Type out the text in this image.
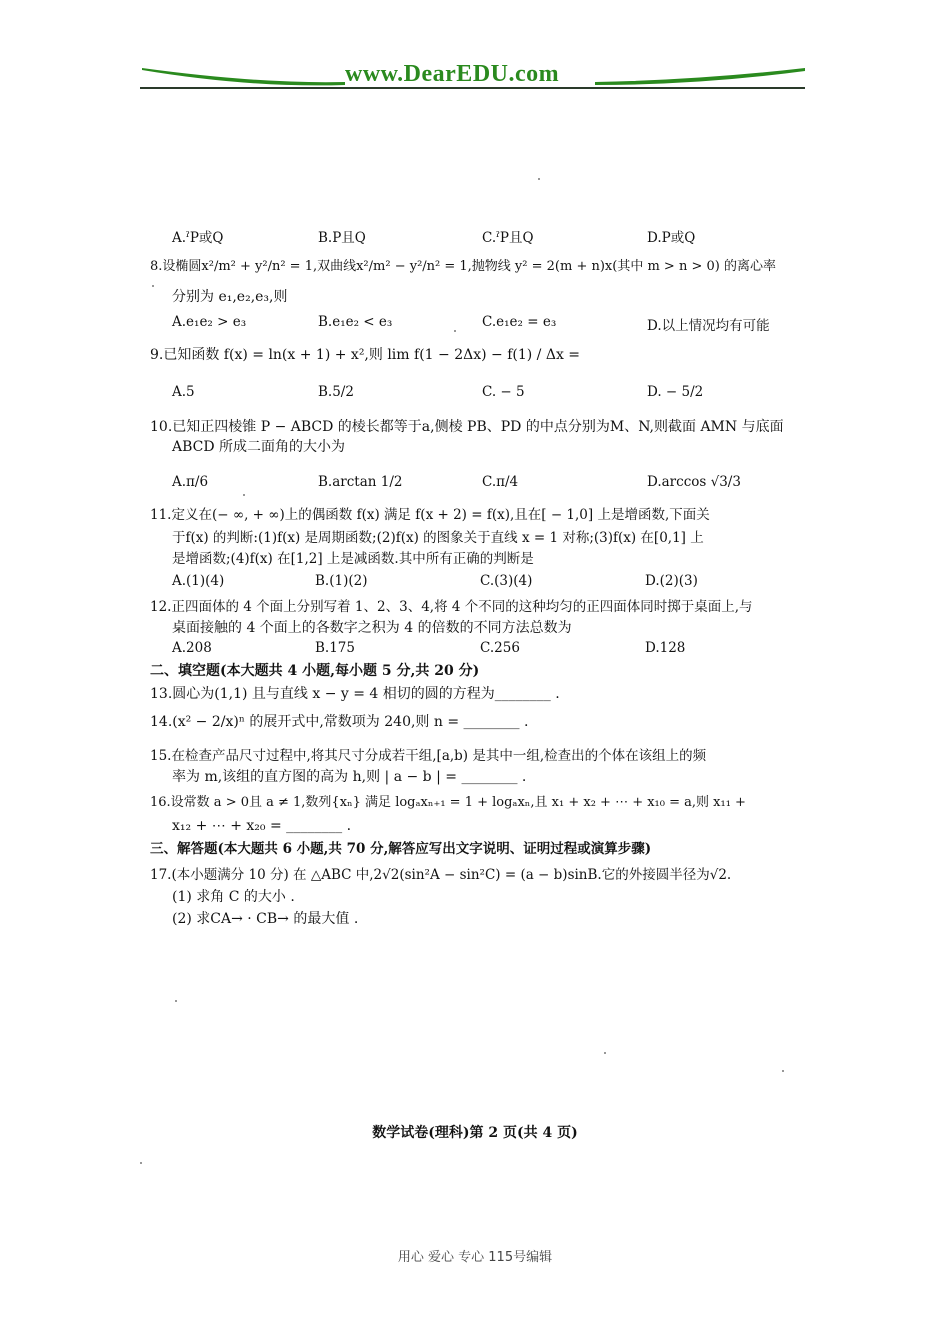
www.DearEDU.com
A.ˀP或Q	B.P且Q	C.ˀP且Q	D.P或Q
8.设椭圆x²/m² + y²/n² = 1,双曲线x²/m² − y²/n² = 1,抛物线 y² = 2(m + n)x(其中 m > n > 0) 的离心率
分别为 e₁,e₂,e₃,则
A.e₁e₂ > e₃	B.e₁e₂ < e₃	C.e₁e₂ = e₃	D.以上情况均有可能
9.已知函数 f(x) = ln(x + 1) + x²,则 lim f(1 − 2Δx) − f(1) / Δx =
A.5	B.5/2	C. − 5	D. − 5/2
10.已知正四棱锥 P − ABCD 的棱长都等于a,侧棱 PB、PD 的中点分别为M、N,则截面 AMN 与底面
ABCD 所成二面角的大小为
A.π/6	B.arctan 1/2	C.π/4	D.arccos √3/3
11.定义在(− ∞, + ∞)上的偶函数 f(x) 满足 f(x + 2) = f(x),且在[ − 1,0] 上是增函数,下面关
于f(x) 的判断:(1)f(x) 是周期函数;(2)f(x) 的图象关于直线 x = 1 对称;(3)f(x) 在[0,1] 上
是增函数;(4)f(x) 在[1,2] 上是减函数.其中所有正确的判断是
A.(1)(4)	B.(1)(2)	C.(3)(4)	D.(2)(3)
12.正四面体的 4 个面上分别写着 1、2、3、4,将 4 个不同的这种均匀的正四面体同时掷于桌面上,与
桌面接触的 4 个面上的各数字之积为 4 的倍数的不同方法总数为
A.208	B.175	C.256	D.128
二、填空题(本大题共 4 小题,每小题 5 分,共 20 分)
13.圆心为(1,1) 且与直线 x − y = 4 相切的圆的方程为________ .
14.(x² − 2/x)ⁿ 的展开式中,常数项为 240,则 n = ________ .
15.在检查产品尺寸过程中,将其尺寸分成若干组,[a,b) 是其中一组,检查出的个体在该组上的频
率为 m,该组的直方图的高为 h,则 | a − b | = ________ .
16.设常数 a > 0且 a ≠ 1,数列{xₙ} 满足 logₐxₙ₊₁ = 1 + logₐxₙ,且 x₁ + x₂ + ⋯ + x₁₀ = a,则 x₁₁ +
x₁₂ + ⋯ + x₂₀ = ________ .
三、解答题(本大题共 6 小题,共 70 分,解答应写出文字说明、证明过程或演算步骤)
17.(本小题满分 10 分) 在 △ABC 中,2√2(sin²A − sin²C) = (a − b)sinB.它的外接圆半径为√2.
(1) 求角 C 的大小 .
(2) 求CA→ · CB→ 的最大值 .
数学试卷(理科)第 2 页(共 4 页)
用心 爱心 专心 115号编辑
